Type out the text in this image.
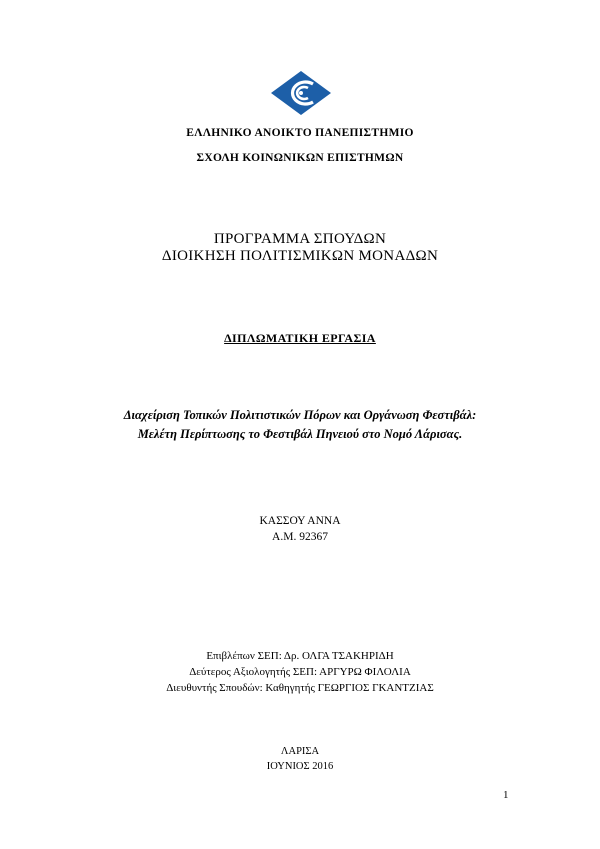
ΕΛΛΗΝΙΚΟ ΑΝΟΙΚΤΟ ΠΑΝΕΠΙΣΤΗΜΙΟ
ΣΧΟΛΗ ΚΟΙΝΩΝΙΚΩΝ ΕΠΙΣΤΗΜΩΝ
ΠΡΟΓΡΑΜΜΑ ΣΠΟΥΔΩΝ
ΔΙΟΙΚΗΣΗ ΠΟΛΙΤΙΣΜΙΚΩΝ ΜΟΝΑΔΩΝ
ΔΙΠΛΩΜΑΤΙΚΗ ΕΡΓΑΣΙΑ
Διαχείριση Τοπικών Πολιτιστικών Πόρων και Οργάνωση Φεστιβάλ:
Μελέτη Περίπτωσης το Φεστιβάλ Πηνειού στο Νομό Λάρισας.
ΚΑΣΣΟΥ ΑΝΝΑ
Α.Μ. 92367
Επιβλέπων ΣΕΠ: Δρ. ΟΛΓΑ ΤΣΑΚΗΡΙΔΗ
Δεύτερος Αξιολογητής ΣΕΠ: ΑΡΓΥΡΩ ΦΙΛΟΛΙΑ
Διευθυντής Σπουδών: Καθηγητής ΓΕΩΡΓΙΟΣ ΓΚΑΝΤΖΙΑΣ
ΛΑΡΙΣΑ
ΙΟΥΝΙΟΣ 2016
1
